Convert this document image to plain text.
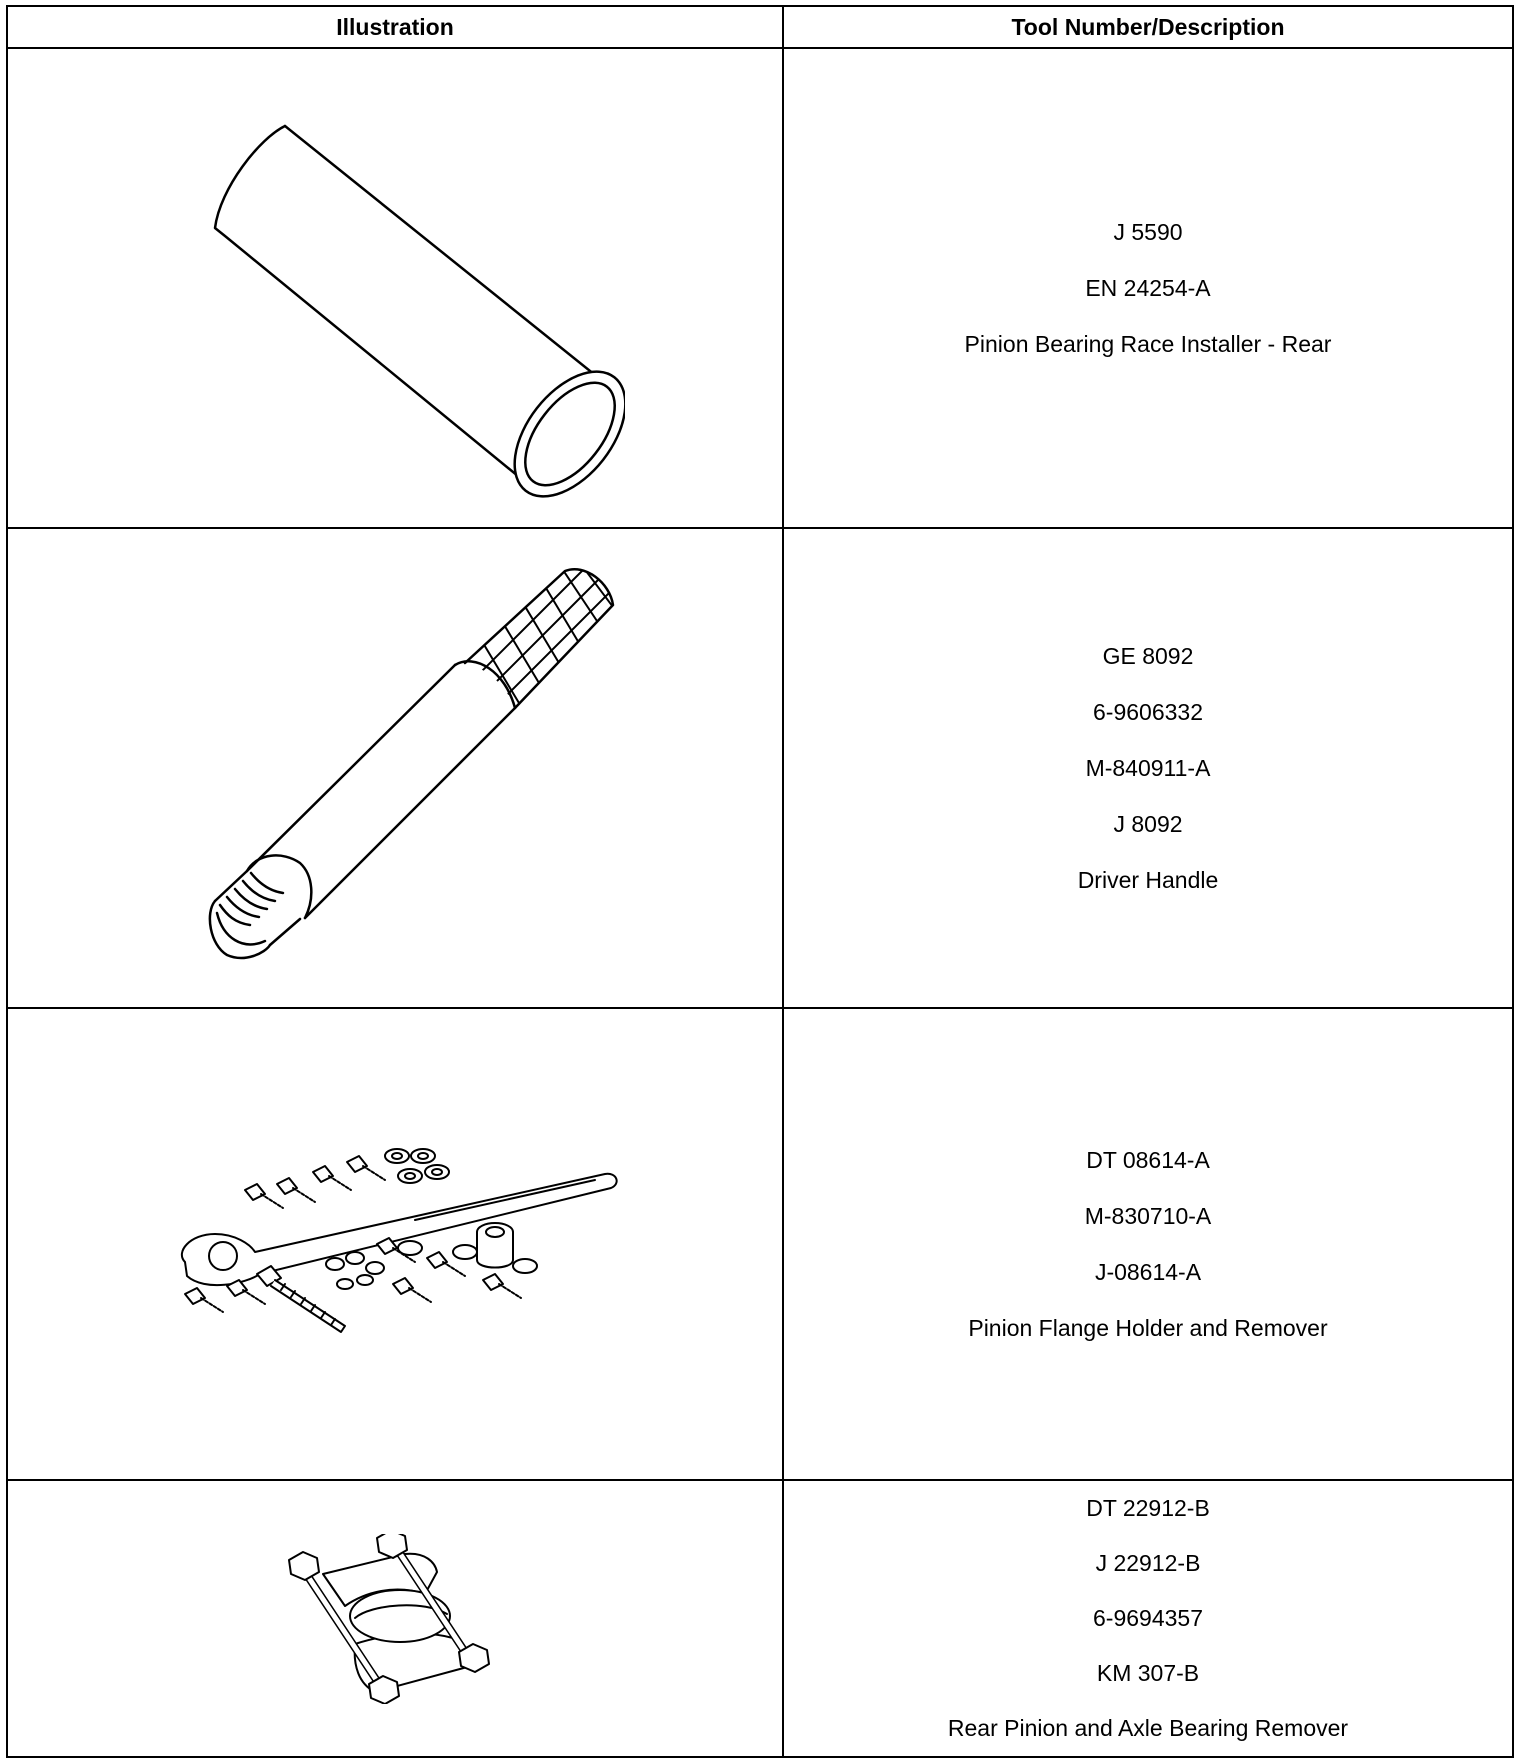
Illustration	Tool Number/Description

J 5590
EN 24254-A
Pinion Bearing Race Installer - Rear

GE 8092
6-9606332
M-840911-A
J 8092
Driver Handle

DT 08614-A
M-830710-A
J-08614-A
Pinion Flange Holder and Remover

DT 22912-B
J 22912-B
6-9694357
KM 307-B
Rear Pinion and Axle Bearing Remover
